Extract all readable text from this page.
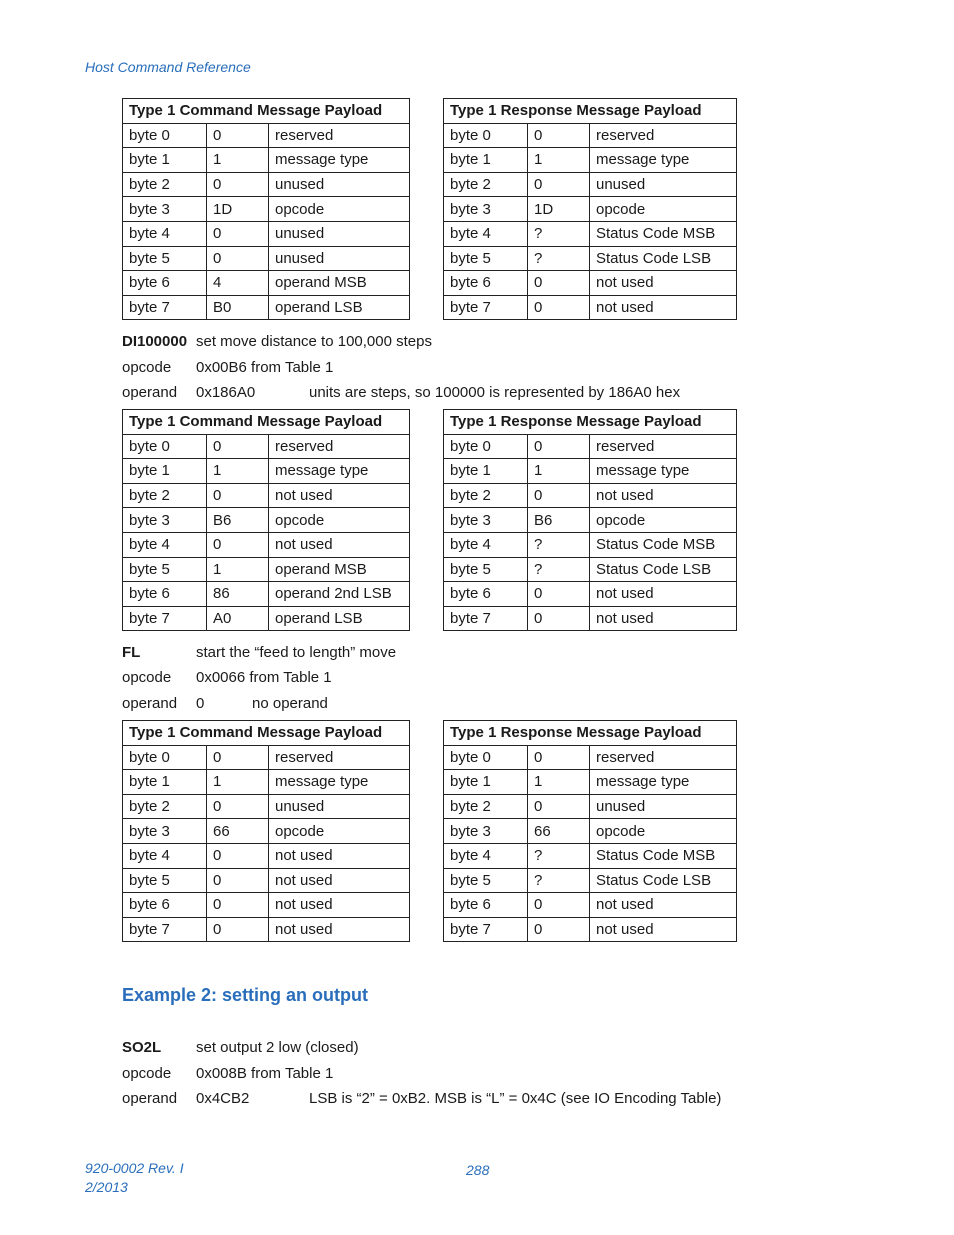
Host Command Reference
Type 1 Command Message Payload		
byte 0	0	reserved
byte 1	1	message type
byte 2	0	unused
byte 3	1D	opcode
byte 4	0	unused
byte 5	0	unused
byte 6	4	operand MSB
byte 7	B0	operand LSB
Type 1 Response Message Payload		
byte 0	0	reserved
byte 1	1	message type
byte 2	0	unused
byte 3	1D	opcode
byte 4	?	Status Code MSB
byte 5	?	Status Code LSB
byte 6	0	not used
byte 7	0	not used
DI100000 set move distance to 100,000 steps
opcode 0x00B6 from Table 1
operand 0x186A0	units are steps, so 100000 is represented by 186A0 hex
Type 1 Command Message Payload		
byte 0	0	reserved
byte 1	1	message type
byte 2	0	not used
byte 3	B6	opcode
byte 4	0	not used
byte 5	1	operand MSB
byte 6	86	operand 2nd LSB
byte 7	A0	operand LSB
Type 1 Response Message Payload		
byte 0	0	reserved
byte 1	1	message type
byte 2	0	not used
byte 3	B6	opcode
byte 4	?	Status Code MSB
byte 5	?	Status Code LSB
byte 6	0	not used
byte 7	0	not used
FL	start the “feed to length” move
opcode 0x0066 from Table 1
operand 0	no operand
Type 1 Command Message Payload		
byte 0	0	reserved
byte 1	1	message type
byte 2	0	unused
byte 3	66	opcode
byte 4	0	not used
byte 5	0	not used
byte 6	0	not used
byte 7	0	not used
Type 1 Response Message Payload		
byte 0	0	reserved
byte 1	1	message type
byte 2	0	unused
byte 3	66	opcode
byte 4	?	Status Code MSB
byte 5	?	Status Code LSB
byte 6	0	not used
byte 7	0	not used
Example 2: setting an output
SO2L set output 2 low (closed)
opcode 0x008B from Table 1
operand 0x4CB2	LSB is “2” = 0xB2. MSB is “L” = 0x4C (see IO Encoding Table)
920-0002 Rev. I
2/2013
288
